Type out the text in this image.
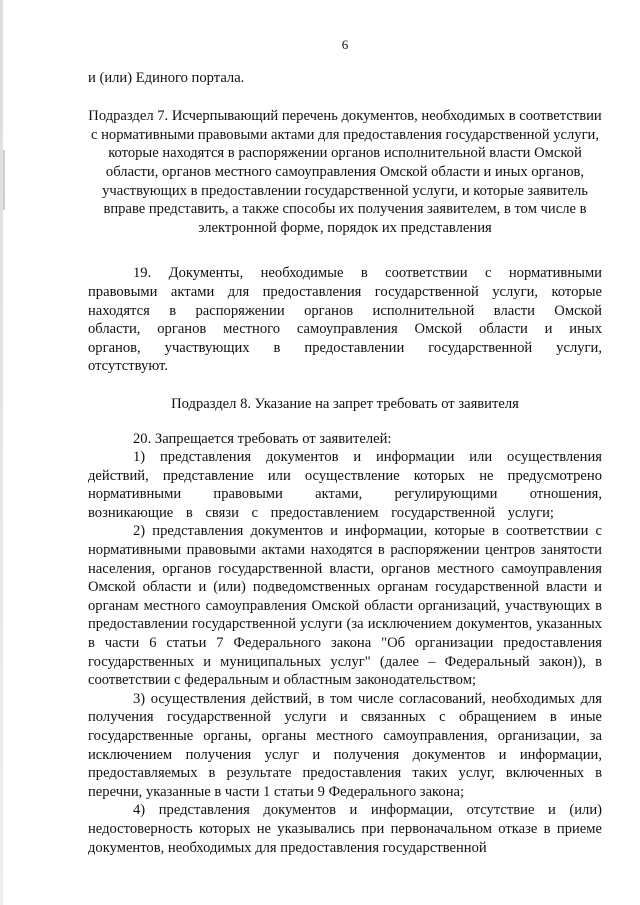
6

и (или) Единого портала.

Подраздел 7. Исчерпывающий перечень документов, необходимых в соответствии с нормативными правовыми актами для предоставления государственной услуги, которые находятся в распоряжении органов исполнительной власти Омской области, органов местного самоуправления Омской области и иных органов, участвующих в предоставлении государственной услуги, и которые заявитель вправе представить, а также способы их получения заявителем, в том числе в электронной форме, порядок их представления

19. Документы, необходимые в соответствии с нормативными правовыми актами для предоставления государственной услуги, которые находятся в распоряжении органов исполнительной власти Омской области, органов местного самоуправления Омской области и иных органов, участвующих в предоставлении государственной услуги, отсутствуют.

Подраздел 8. Указание на запрет требовать от заявителя

20. Запрещается требовать от заявителей:

1) представления документов и информации или осуществления действий, представление или осуществление которых не предусмотрено нормативными правовыми актами, регулирующими отношения, возникающие в связи с предоставлением государственной услуги;

2) представления документов и информации, которые в соответствии с нормативными правовыми актами находятся в распоряжении центров занятости населения, органов государственной власти, органов местного самоуправления Омской области и (или) подведомственных органам государственной власти и органам местного самоуправления Омской области организаций, участвующих в предоставлении государственной услуги (за исключением документов, указанных в части 6 статьи 7 Федерального закона "Об организации предоставления государственных и муниципальных услуг" (далее – Федеральный закон)), в соответствии с федеральным и областным законодательством;

3) осуществления действий, в том числе согласований, необходимых для получения государственной услуги и связанных с обращением в иные государственные органы, органы местного самоуправления, организации, за исключением получения услуг и получения документов и информации, предоставляемых в результате предоставления таких услуг, включенных в перечни, указанные в части 1 статьи 9 Федерального закона;

4) представления документов и информации, отсутствие и (или) недостоверность которых не указывались при первоначальном отказе в приеме документов, необходимых для предоставления государственной
